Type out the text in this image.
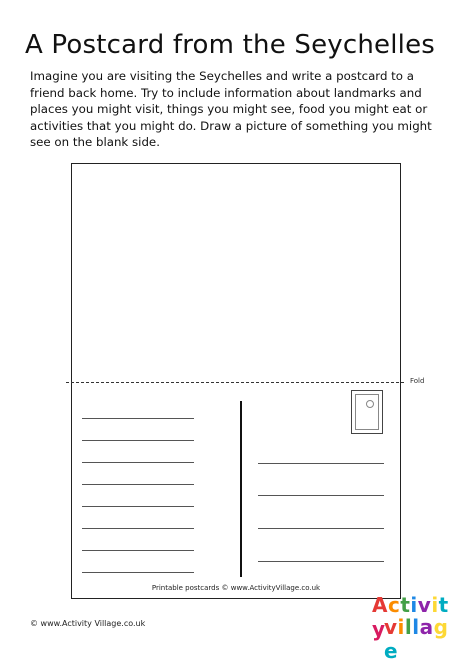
A Postcard from the Seychelles
Imagine you are visiting the Seychelles and write a postcard to a friend back home. Try to include information about landmarks and places you might visit, things you might see, food you might eat or activities that you might do. Draw a picture of something you might see on the blank side.
Fold
Printable postcards © www.ActivityVillage.co.uk
© www.Activity Village.co.uk
Activity
village
